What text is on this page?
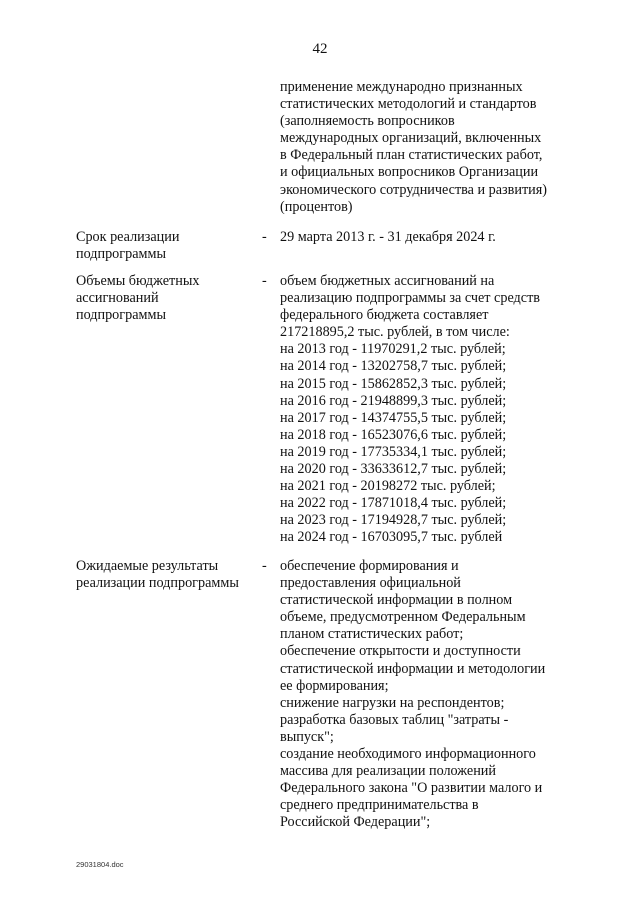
42
применение международно признанных
статистических методологий и стандартов
(заполняемость вопросников
международных организаций, включенных
в Федеральный план статистических работ,
и официальных вопросников Организации
экономического сотрудничества и развития)
(процентов)
Срок реализации
подпрограммы
- 29 марта 2013 г. - 31 декабря 2024 г.
Объемы бюджетных
ассигнований
подпрограммы
- объем бюджетных ассигнований на
реализацию подпрограммы за счет средств
федерального бюджета составляет
217218895,2 тыс. рублей, в том числе:
на 2013 год - 11970291,2 тыс. рублей;
на 2014 год - 13202758,7 тыс. рублей;
на 2015 год - 15862852,3 тыс. рублей;
на 2016 год - 21948899,3 тыс. рублей;
на 2017 год - 14374755,5 тыс. рублей;
на 2018 год - 16523076,6 тыс. рублей;
на 2019 год - 17735334,1 тыс. рублей;
на 2020 год - 33633612,7 тыс. рублей;
на 2021 год - 20198272 тыс. рублей;
на 2022 год - 17871018,4 тыс. рублей;
на 2023 год - 17194928,7 тыс. рублей;
на 2024 год - 16703095,7 тыс. рублей
Ожидаемые результаты
реализации подпрограммы
- обеспечение формирования и
предоставления официальной
статистической информации в полном
объеме, предусмотренном Федеральным
планом статистических работ;
обеспечение открытости и доступности
статистической информации и методологии
ее формирования;
снижение нагрузки на респондентов;
разработка базовых таблиц "затраты -
выпуск";
создание необходимого информационного
массива для реализации положений
Федерального закона "О развитии малого и
среднего предпринимательства в
Российской Федерации";
29031804.doc
